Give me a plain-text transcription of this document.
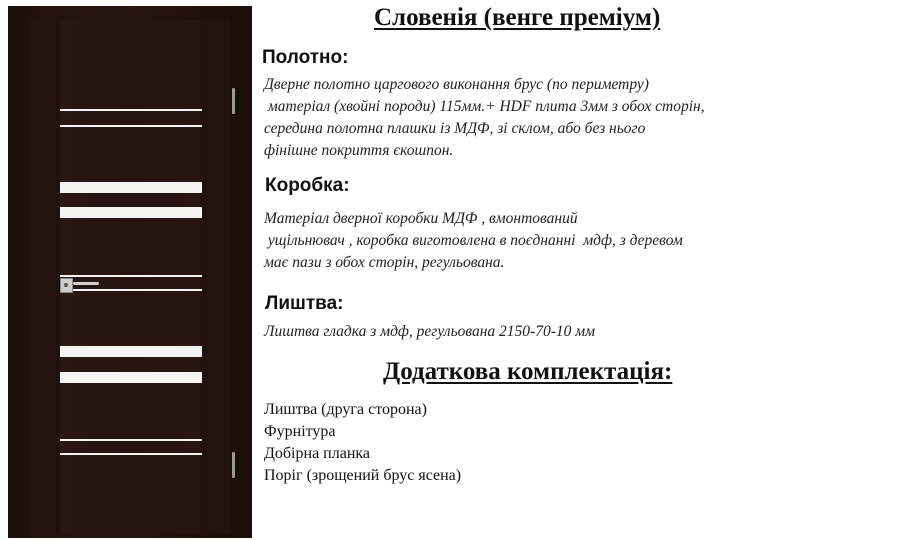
Словенія (венге преміум)
Полотно:

Дверне полотно царгового виконання брус (по периметру)
матеріал (хвойні породи) 115мм.+ HDF плита 3мм з обох сторін,
середина полотна плашки із МДФ, зі склом, або без нього
фінішне покриття єкошпон.

Коробка:

Матеріал дверної коробки МДФ , вмонтований
ущільнювач , коробка виготовлена в поєднанні  мдф, з деревом
має пази з обох сторін, регульована.

Лиштва:

Лиштва гладка з мдф, регульована 2150-70-10 мм

Додаткова комплектація:
Лиштва (друга сторона)
Фурнітура
Добірна планка
Поріг (зрощений брус ясена)
